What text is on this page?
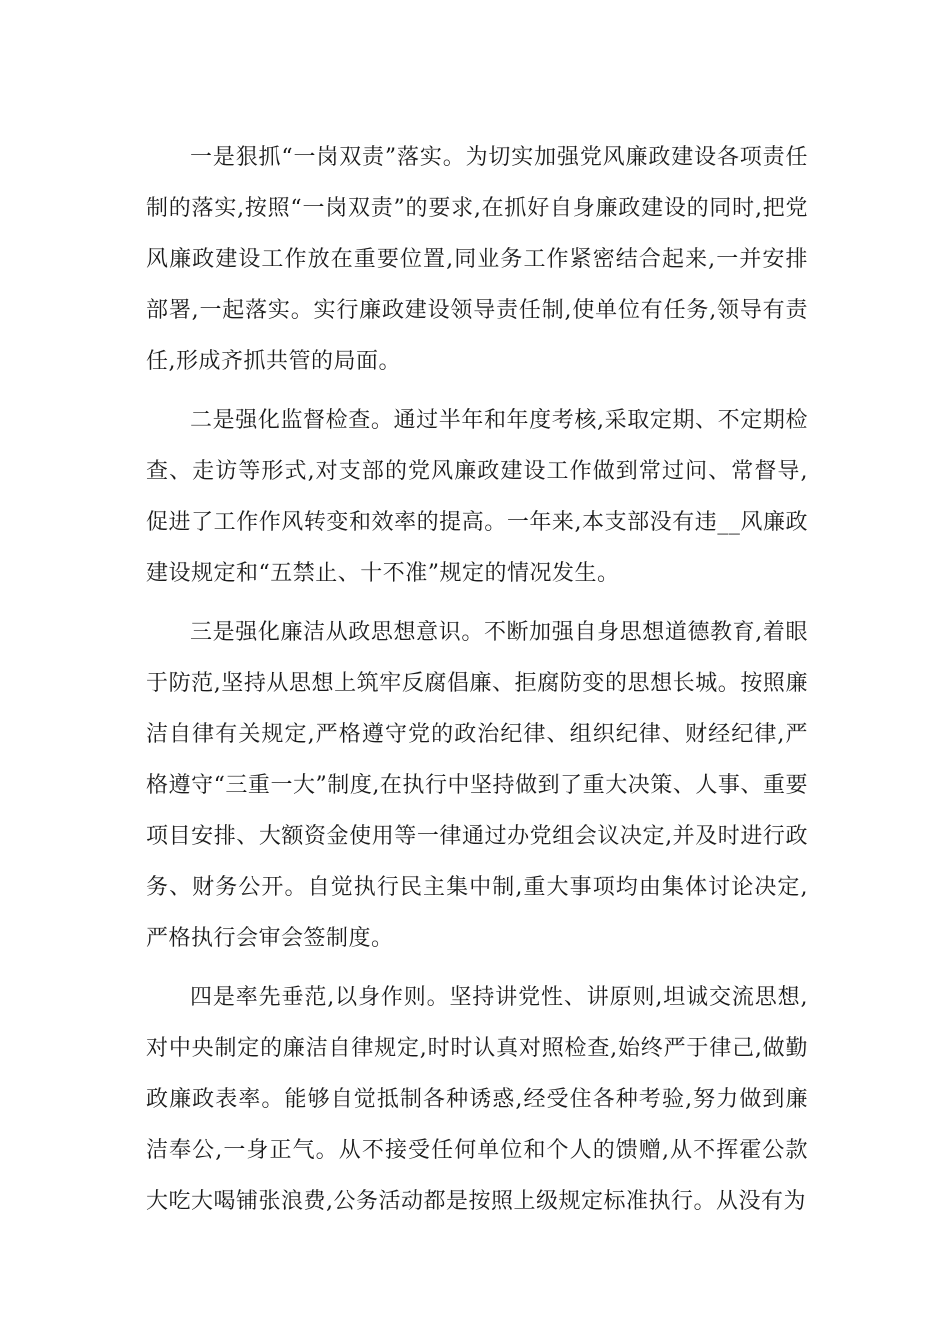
一是狠抓“一岗双责”落实。为切实加强党风廉政建设各项责任制的落实,按照“一岗双责”的要求,在抓好自身廉政建设的同时,把党风廉政建设工作放在重要位置,同业务工作紧密结合起来,一并安排部署,一起落实。实行廉政建设领导责任制,使单位有任务,领导有责任,形成齐抓共管的局面。

二是强化监督检查。通过半年和年度考核,采取定期、不定期检查、走访等形式,对支部的党风廉政建设工作做到常过问、常督导,促进了工作作风转变和效率的提高。一年来,本支部没有违__风廉政建设规定和“五禁止、十不准”规定的情况发生。

三是强化廉洁从政思想意识。不断加强自身思想道德教育,着眼于防范,坚持从思想上筑牢反腐倡廉、拒腐防变的思想长城。按照廉洁自律有关规定,严格遵守党的政治纪律、组织纪律、财经纪律,严格遵守“三重一大”制度,在执行中坚持做到了重大决策、人事、重要项目安排、大额资金使用等一律通过办党组会议决定,并及时进行政务、财务公开。自觉执行民主集中制,重大事项均由集体讨论决定,严格执行会审会签制度。

四是率先垂范,以身作则。坚持讲党性、讲原则,坦诚交流思想,对中央制定的廉洁自律规定,时时认真对照检查,始终严于律己,做勤政廉政表率。能够自觉抵制各种诱惑,经受住各种考验,努力做到廉洁奉公,一身正气。从不接受任何单位和个人的馈赠,从不挥霍公款大吃大喝铺张浪费,公务活动都是按照上级规定标准执行。从没有为
